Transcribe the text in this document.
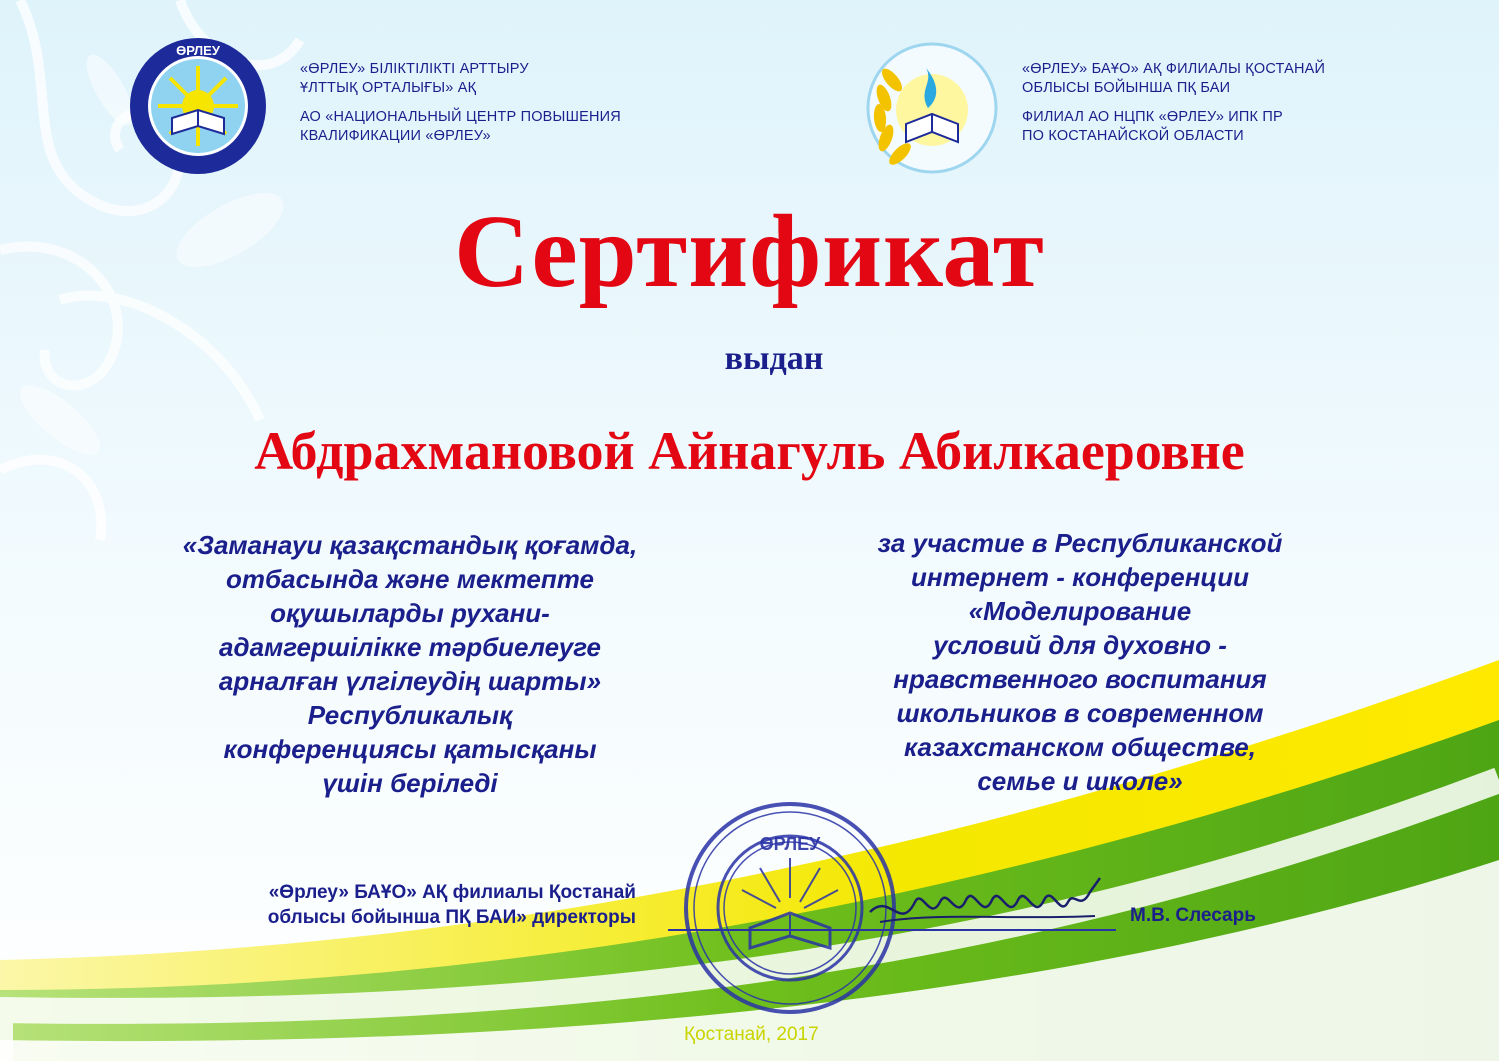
ӨРЛЕУ
«ӨРЛЕУ» БІЛІКТІЛІКТІ АРТТЫРУ
ҰЛТТЫҚ ОРТАЛЫҒЫ» АҚ
АО «НАЦИОНАЛЬНЫЙ ЦЕНТР ПОВЫШЕНИЯ
КВАЛИФИКАЦИИ «ӨРЛЕУ»
«ӨРЛЕУ» БАҰО» АҚ ФИЛИАЛЫ ҚОСТАНАЙ
ОБЛЫСЫ БОЙЫНША ПҚ БАИ
ФИЛИАЛ АО НЦПК «ӨРЛЕУ» ИПК ПР
ПО КОСТАНАЙСКОЙ ОБЛАСТИ
Сертификат
выдан
Абдрахмановой Айнагуль Абилкаеровне
«Заманауи қазақстандық қоғамда,
отбасында және мектепте
оқушыларды рухани-
адамгершілікке тәрбиелеуге
арналған үлгілеудің шарты»
Республикалық
конференциясы қатысқаны
үшін беріледі
за участие в Республиканской
интернет - конференции
«Моделирование
условий для духовно -
нравственного воспитания
школьников в современном
казахстанском обществе,
семье и школе»
ӨРЛЕУ
«Өрлеу» БАҰО» АҚ филиалы Қостанай
облысы бойынша ПҚ БАИ» директоры	М.В. Слесарь
Қостанай, 2017
